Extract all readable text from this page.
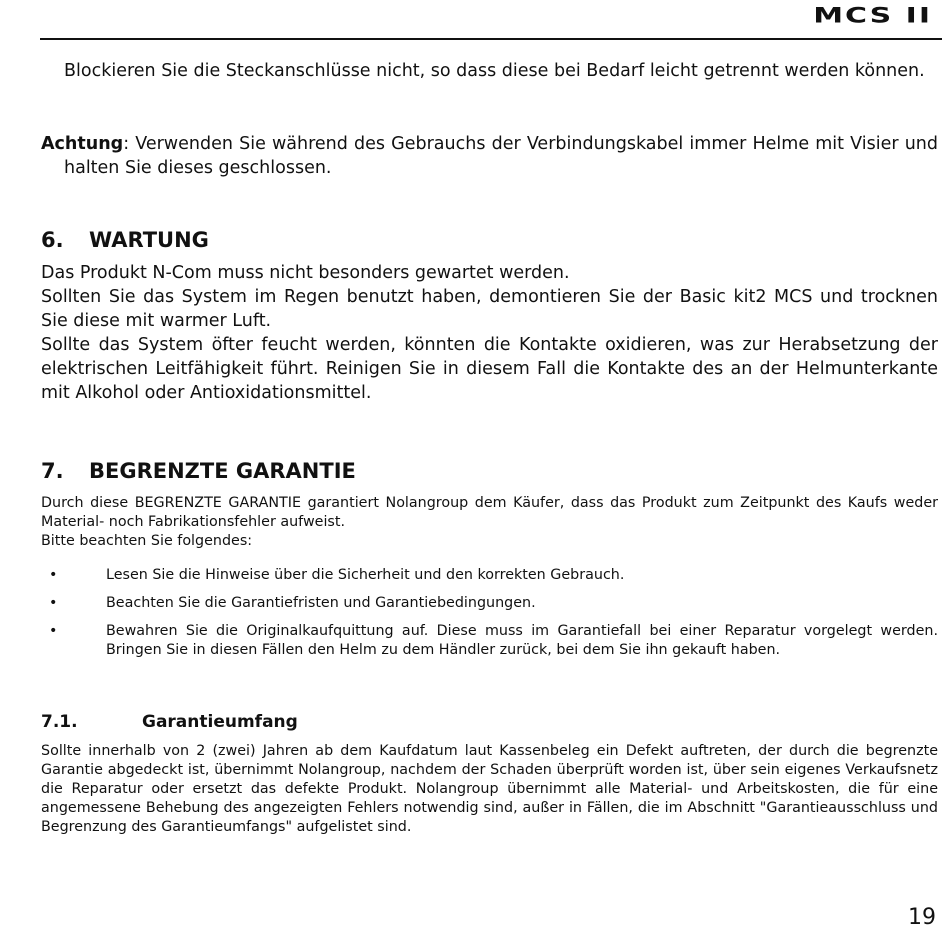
MCS II

Blockieren Sie die Steckanschlüsse nicht, so dass diese bei Bedarf leicht getrennt werden können.

Achtung: Verwenden Sie während des Gebrauchs der Verbindungskabel immer Helme mit Visier und halten Sie dieses geschlossen.

6. WARTUNG

Das Produkt N-Com muss nicht besonders gewartet werden.

Sollten Sie das System im Regen benutzt haben, demontieren Sie der Basic kit2 MCS und trocknen Sie diese mit warmer Luft.

Sollte das System öfter feucht werden, könnten die Kontakte oxidieren, was zur Herabsetzung der elektrischen Leitfähigkeit führt. Reinigen Sie in diesem Fall die Kontakte des an der Helmunterkante mit Alkohol oder Antioxidationsmittel.

7. BEGRENZTE GARANTIE

Durch diese BEGRENZTE GARANTIE garantiert Nolangroup dem Käufer, dass das Produkt zum Zeitpunkt des Kaufs weder Material- noch Fabrikationsfehler aufweist.

Bitte beachten Sie folgendes:

•	Lesen Sie die Hinweise über die Sicherheit und den korrekten Gebrauch.
•	Beachten Sie die Garantiefristen und Garantiebedingungen.
•	Bewahren Sie die Originalkaufquittung auf. Diese muss im Garantiefall bei einer Reparatur vorgelegt werden. Bringen Sie in diesen Fällen den Helm zu dem Händler zurück, bei dem Sie ihn gekauft haben.
7.1.	Garantieumfang

Sollte innerhalb von 2 (zwei) Jahren ab dem Kaufdatum laut Kassenbeleg ein Defekt auftreten, der durch die begrenzte Garantie abgedeckt ist, übernimmt Nolangroup, nachdem der Schaden überprüft worden ist, über sein eigenes Verkaufsnetz die Reparatur oder ersetzt das defekte Produkt. Nolangroup übernimmt alle Material- und Arbeitskosten, die für eine angemessene Behebung des angezeigten Fehlers notwendig sind, außer in Fällen, die im Abschnitt "Garantieausschluss und Begrenzung des Garantieumfangs" aufgelistet sind.

19
